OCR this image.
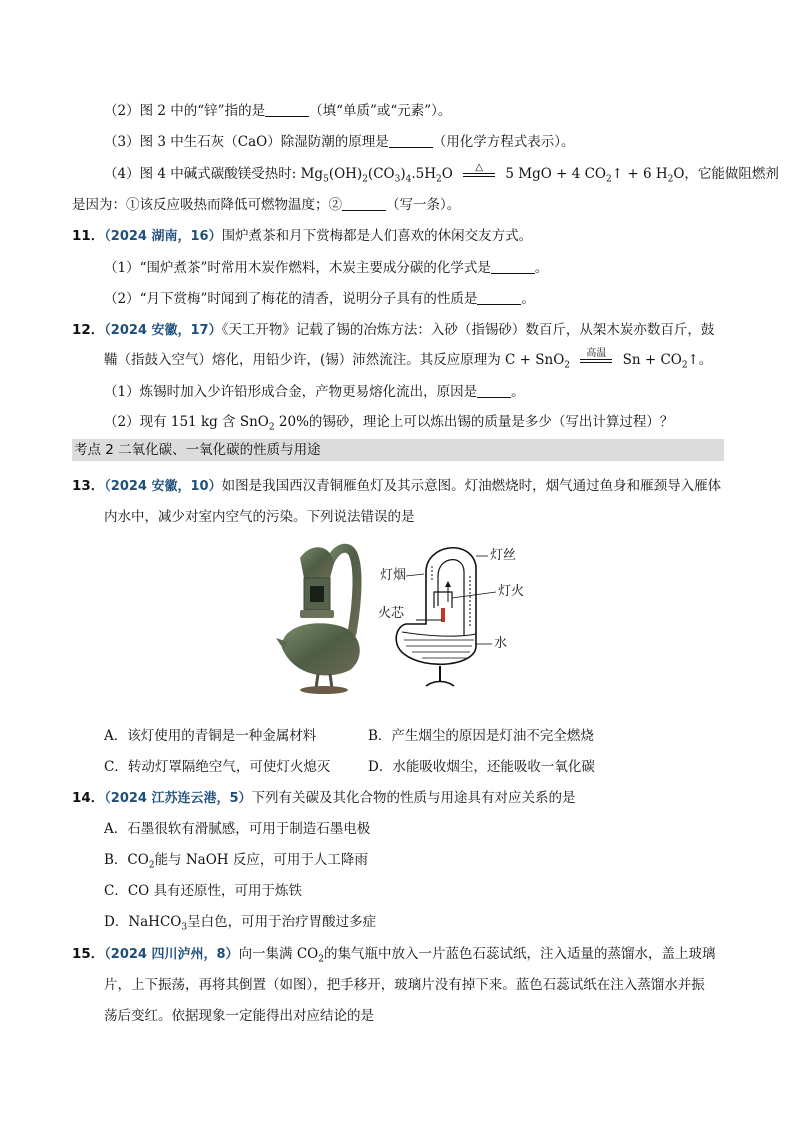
（2）图 2 中的“锌”指的是	（填“单质”或“元素”）。
（3）图 3 中生石灰（CaO）除湿防潮的原理是	（用化学方程式表示）。
（4）图 4 中碱式碳酸镁受热时: $Mg_5(OH)_2(CO_3)_4.5H_2O$ △ 5 MgO + 4 $CO_2↑ + 6$ $H_2O$，它能做阻燃剂
是因为：①该反应吸热而降低可燃物温度；②	（写一条）。
11．（2024 湖南，16）围炉煮茶和月下赏梅都是人们喜欢的休闲交友方式。
（1）“围炉煮茶”时常用木炭作燃料，木炭主要成分碳的化学式是	。
（2）“月下赏梅”时闻到了梅花的清香，说明分子具有的性质是	。
12．（2024 安徽，17）《天工开物》记载了锡的冶炼方法：入砂（指锡砂）数百斤，从架木炭亦数百斤，鼓
鞴（指鼓入空气）熔化，用铅少许，(锡）沛然流注。其反应原理为 C + SnO$_2$ $^{高温}$ $Sn + CO_2↑$。
（1）炼锡时加入少许铅形成合金，产物更易熔化流出，原因是	。
（2）现有 151 kg 含 SnO$_2$ 20%的锡砂，理论上可以炼出锡的质量是多少（写出计算过程）？
考点 2 二氧化碳、一氧化碳的性质与用途
13．（2024 安徽，10）如图是我国西汉青铜雁鱼灯及其示意图。灯油燃烧时，烟气通过鱼身和雁颈导入雁体
内水中，减少对室内空气的污染。下列说法错误的是
灯丝
灯烟
灯火
火芯
水
A．该灯使用的青铜是一种金属材料	B．产生烟尘的原因是灯油不完全燃烧
C．转动灯罩隔绝空气，可使灯火熄灭	D．水能吸收烟尘，还能吸收一氧化碳
14．（2024 江苏连云港，5）下列有关碳及其化合物的性质与用途具有对应关系的是
A．石墨很软有滑腻感，可用于制造石墨电极
B．$CO_2$能与 NaOH 反应，可用于人工降雨
C．CO 具有还原性，可用于炼铁
D．NaHCO$_3$呈白色，可用于治疗胃酸过多症
15．（2024 四川泸州，8）向一集满 $CO_2$的集气瓶中放入一片蓝色石蕊试纸，注入适量的蒸馏水，盖上玻璃
片，上下振荡，再将其倒置（如图），把手移开，玻璃片没有掉下来。蓝色石蕊试纸在注入蒸馏水并振
荡后变红。依据现象一定能得出对应结论的是
